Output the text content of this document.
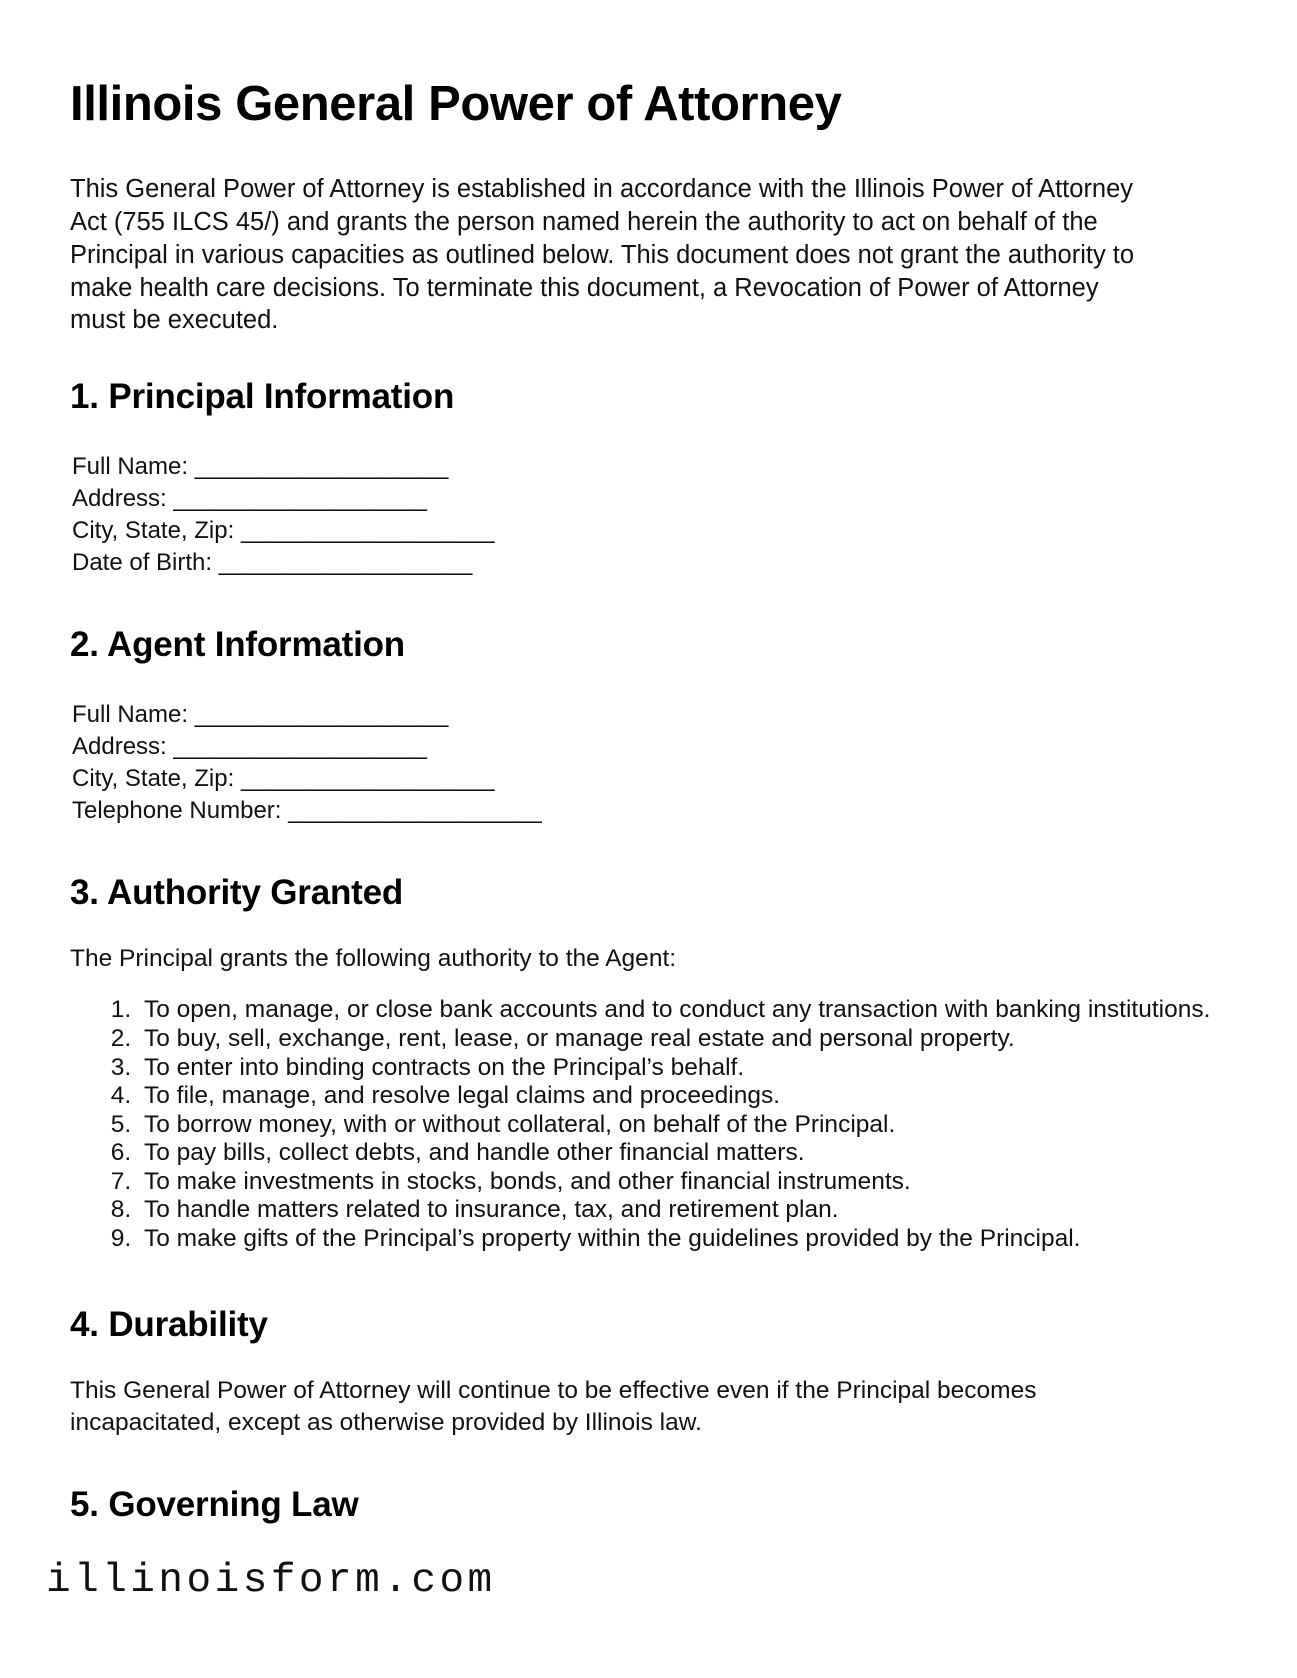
Illinois General Power of Attorney

This General Power of Attorney is established in accordance with the Illinois Power of Attorney Act (755 ILCS 45/) and grants the person named herein the authority to act on behalf of the Principal in various capacities as outlined below. This document does not grant the authority to make health care decisions. To terminate this document, a Revocation of Power of Attorney must be executed.

1. Principal Information
Full Name: ___________________
Address: ___________________
City, State, Zip: ___________________
Date of Birth: ___________________
2. Agent Information
Full Name: ___________________
Address: ___________________
City, State, Zip: ___________________
Telephone Number: ___________________
3. Authority Granted

The Principal grants the following authority to the Agent:

1. To open, manage, or close bank accounts and to conduct any transaction with banking institutions.
2. To buy, sell, exchange, rent, lease, or manage real estate and personal property.
3. To enter into binding contracts on the Principal’s behalf.
4. To file, manage, and resolve legal claims and proceedings.
5. To borrow money, with or without collateral, on behalf of the Principal.
6. To pay bills, collect debts, and handle other financial matters.
7. To make investments in stocks, bonds, and other financial instruments.
8. To handle matters related to insurance, tax, and retirement plan.
9. To make gifts of the Principal’s property within the guidelines provided by the Principal.
4. Durability

This General Power of Attorney will continue to be effective even if the Principal becomes incapacitated, except as otherwise provided by Illinois law.

5. Governing Law
illinoisform.com
